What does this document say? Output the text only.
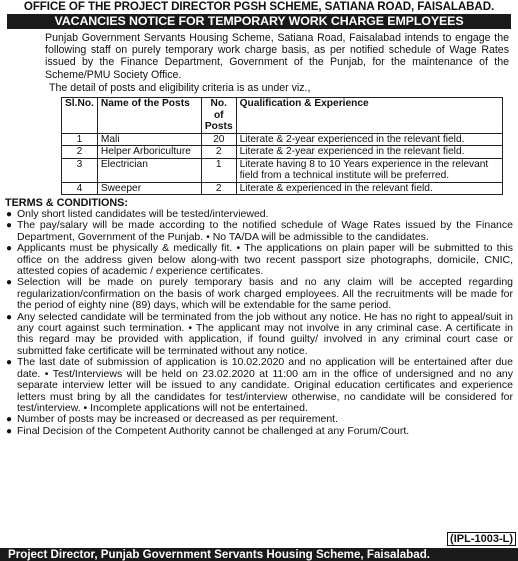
OFFICE OF THE PROJECT DIRECTOR PGSH SCHEME, SATIANA ROAD, FAISALABAD.
VACANCIES NOTICE FOR TEMPORARY WORK CHARGE EMPLOYEES
Punjab Government Servants Housing Scheme, Satiana Road, Faisalabad intends to engage the following staff on purely temporary work charge basis, as per notified schedule of Wage Rates issued by the Finance Department, Government of the Punjab, for the maintenance of the Scheme/PMU Society Office.
The detail of posts and eligibility criteria is as under viz.,
Sl.No.	Name of the Posts	No. of Posts	Qualification & Experience
1	Mali	20	Literate & 2-year experienced in the relevant field.
2	Helper Arboriculture	2	Literate & 2-year experienced in the relevant field.
3	Electrician	1	Literate having 8 to 10 Years experience in the relevant field from a technical institute will be preferred.
4	Sweeper	2	Literate & experienced in the relevant field.
TERMS & CONDITIONS:
● Only short listed candidates will be tested/interviewed.
● The pay/salary will be made according to the notified schedule of Wage Rates issued by the Finance Department, Government of the Punjab. • No TA/DA will be admissible to the candidates.
● Applicants must be physically & medically fit. • The applications on plain paper will be submitted to this office on the address given below along-with two recent passport size photographs, domicile, CNIC, attested copies of academic / experience certificates.
● Selection will be made on purely temporary basis and no any claim will be accepted regarding regularization/confirmation on the basis of work charged employees. All the recruitments will be made for the period of eighty nine (89) days, which will be extendable for the same period.
● Any selected candidate will be terminated from the job without any notice. He has no right to appeal/suit in any court against such termination. • The applicant may not involve in any criminal case. A certificate in this regard may be provided with application, if found guilty/ involved in any criminal court case or submitted fake certificate will be terminated without any notice.
● The last date of submission of application is 10.02.2020 and no application will be entertained after due date. • Test/Interviews will be held on 23.02.2020 at 11:00 am in the office of undersigned and no any separate interview letter will be issued to any candidate. Original education certificates and experience letters must bring by all the candidates for test/interview otherwise, no candidate will be considered for test/interview. • Incomplete applications will not be entertained.
● Number of posts may be increased or decreased as per requirement.
● Final Decision of the Competent Authority cannot be challenged at any Forum/Court.
(IPL-1003-L)
Project Director, Punjab Government Servants Housing Scheme, Faisalabad.
